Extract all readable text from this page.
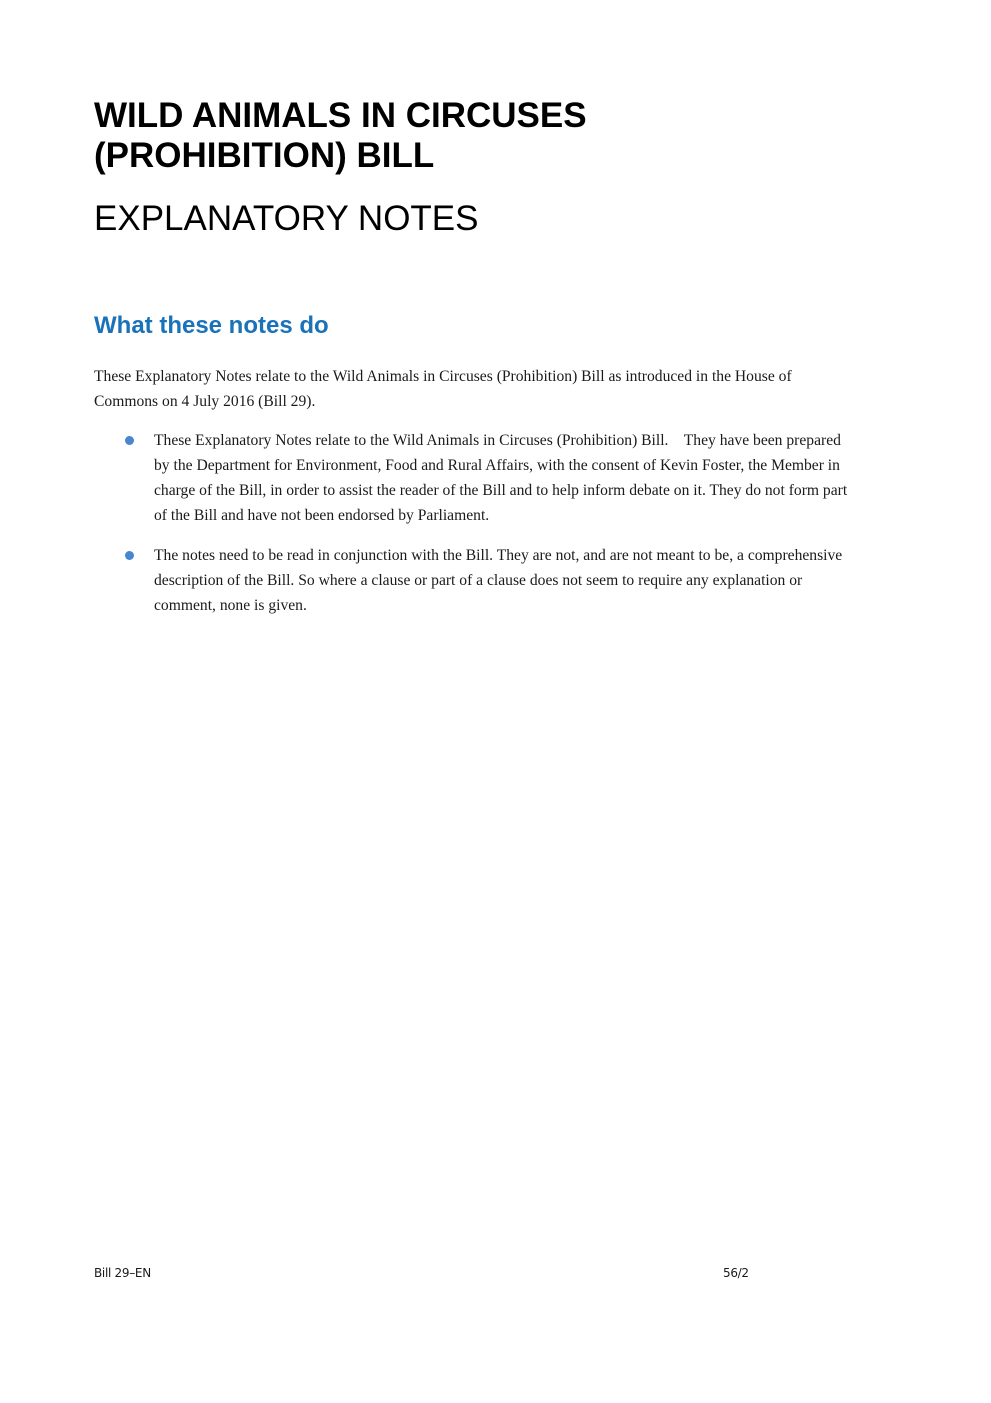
WILD ANIMALS IN CIRCUSES (PROHIBITION) BILL
EXPLANATORY NOTES
What these notes do

These Explanatory Notes relate to the Wild Animals in Circuses (Prohibition) Bill as introduced in the House of Commons on 4 July 2016 (Bill 29).

These Explanatory Notes relate to the Wild Animals in Circuses (Prohibition) Bill.    They have been prepared by the Department for Environment, Food and Rural Affairs, with the consent of Kevin Foster, the Member in charge of the Bill, in order to assist the reader of the Bill and to help inform debate on it. They do not form part of the Bill and have not been endorsed by Parliament.
The notes need to be read in conjunction with the Bill. They are not, and are not meant to be, a comprehensive description of the Bill. So where a clause or part of a clause does not seem to require any explanation or comment, none is given.
Bill 29–EN	56/2
